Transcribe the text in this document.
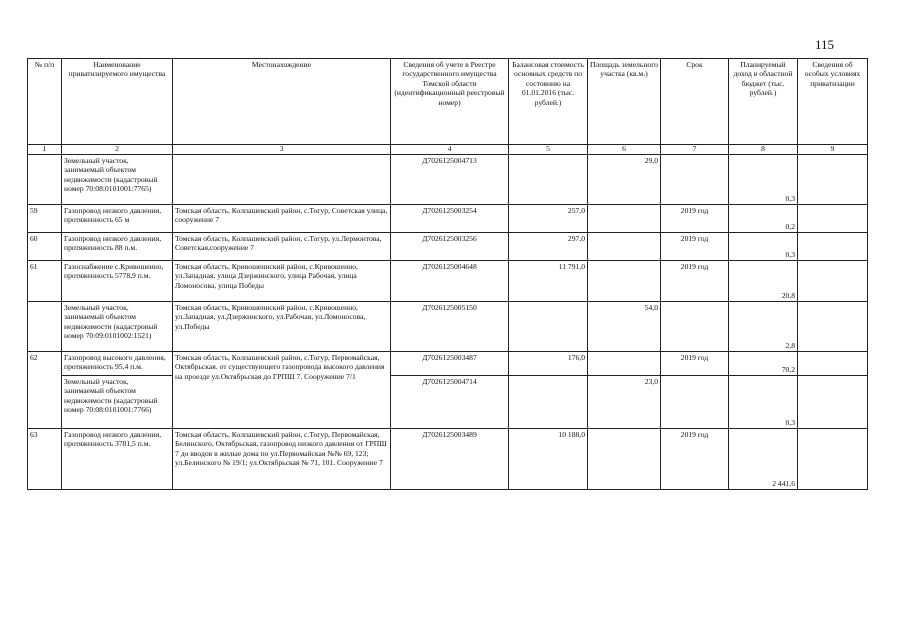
115
№ п/п	Наименование приватизируемого имущества	Местонахождение	Сведения об учете в Реестре государственного имущества Томской области (идентификационный реестровый номер)	Балансовая стоимость основных средств по состоянию на 01.01.2016 (тыс. рублей.)	Площадь земельного участка (кв.м.)	Срок	Планируемый доход в областной бюджет (тыс. рублей.)	Сведения об особых условиях приватизации
1	2	3	4	5	6	7	8	9
	Земельный участок, занимаемый объектом недвижимости (кадастровый номер 70:08:0101001:7765)		Д7026125004713		29,0		0,3	
59	Газопровод низкого давления, протяженность 65 м	Томская область, Колпашевский район, с.Тогур, Советская улица, сооружение 7	Д7026125003254	257,0		2019 год	0,2	
60	Газопровод низкого давления, протяженность 88 п.м.	Томская область, Колпашевский район, с.Тогур, ул.Лермонтова, Советская,сооружение 7	Д7026125003256	297,0		2019 год	0,3	
61	Газоснабжение с.Кривошеино, протяженность 5778,9 п.м.	Томская область, Кривошеинский район, с.Кривошеино, ул.Западная, улица Дзержинского, улица Рабочая, улица Ломоносова, улица Победы	Д7026125004648	11 791,0		2019 год	20,8	
	Земельный участок, занимаемый объектом недвижимости (кадастровый номер 70:09:0101002:1521)	Томская область, Кривошеинский район, с.Кривошеино, ул.Западная, ул.Дзержинского, ул.Рабочая, ул.Ломоносова, ул.Победы	Д7026125005150		54,0		2,8	
62	Газопровод высокого давления, протяженность 95,4 п.м.	Томская область, Колпашевский район, с.Тогур, Первомайская, Октябрьская. от существующего газопровода высокого давления на проезде ул.Октябрьская до ГРПШ 7. Сооружение 7/1	Д7026125003487	176,0		2019 год	70,2	
	Земельный участок, занимаемый объектом недвижимости (кадастровый номер 70:08:0101001:7766)		Д7026125004714		23,0		0,3	
63	Газопровод низкого давления, протяженность 3781,5 п.м.	Томская область, Колпашевский район, с.Тогур, Первомайская, Белинского, Октябрьская, газопровод низкого давления от ГРПШ 7 до вводов в жилые дома по ул.Первомайская №№ 69, 123; ул.Белинского № 19/1; ул.Октябрьская № 71, 101. Сооружение 7	Д7026125003489	10 188,0		2019 год	2 441,6	
